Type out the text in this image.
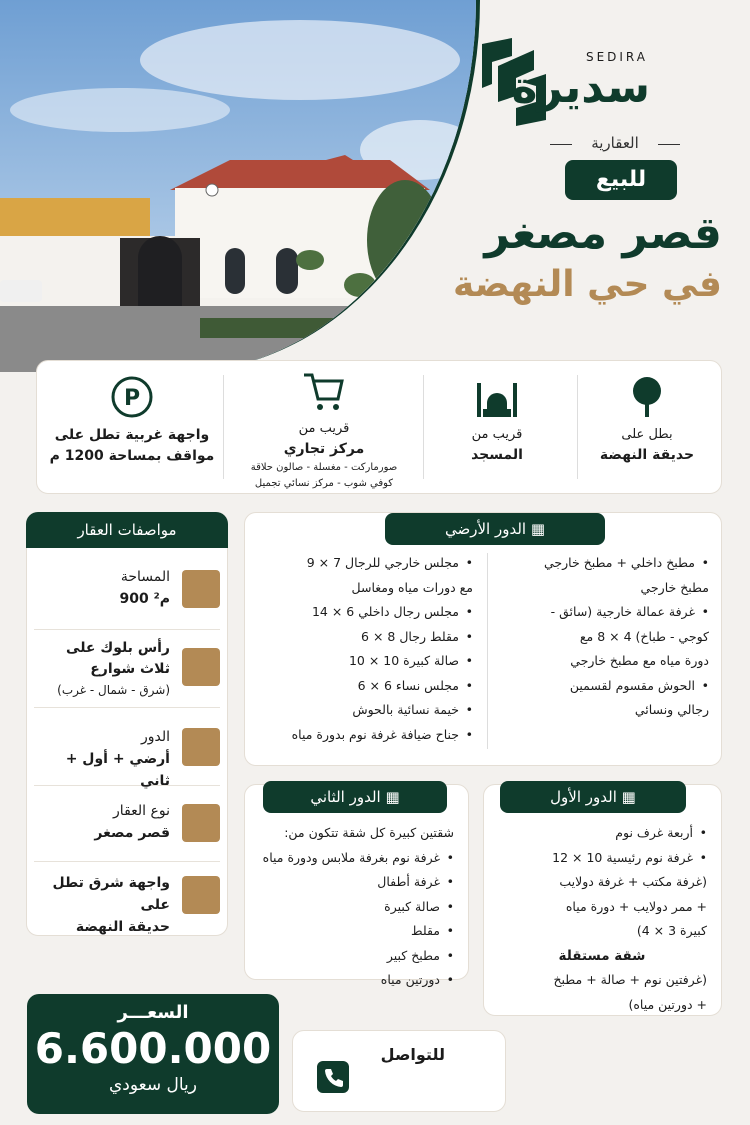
SEDIRA
سديرة
العقارية
للبيع
قصر مصغر
في حي النهضة
بطل على
حديقة النهضة
قريب من
المسجد
قريب من
مركز تجاري
صورماركت - مغسلة - صالون حلاقة
كوفي شوب - مركز نسائي تجميل
P
واجهة غربية تطل على
مواقف بمساحة 1200 م
مواصفات العقار
المساحة
900 م²
رأس بلوك على
ثلاث شوارع
(شرق - شمال - غرب)
الدور
أرضي + أول + ثاني
نوع العقار
قصر مصغر
واجهة شرق تطل على
حديقة النهضة
الدور الأرضي ▦
• مطبخ داخلي + مطبخ خارجي
مطبخ خارجي
• غرفة عمالة خارجية (سائق -
كوجي - طباخ) 4 × 8 مع
دورة مياه مع مطبخ خارجي
• الحوش مقسوم لقسمين
رجالي ونسائي
• مجلس خارجي للرجال 7 × 9
مع دورات مياه ومغاسل
• مجلس رجال داخلي 6 × 14
• مقلط رجال 8 × 6
• صالة كبيرة 10 × 10
• مجلس نساء 6 × 6
• خيمة نسائية بالحوش
• جناح ضيافة غرفة نوم بدورة مياه
الدور الثاني ▦
شقتين كبيرة كل شقة تتكون من:
• غرفة نوم بغرفة ملابس ودورة مياه
• غرفة أطفال
• صالة كبيرة
• مقلط
• مطبخ كبير
• دورتين مياه
الدور الأول ▦
• أربعة غرف نوم
• غرفة نوم رئيسية 10 × 12
(غرفة مكتب + غرفة دولايب
+ ممر دولايب + دورة مياه
كبيرة 3 × 4)
شقة مستقلة
(غرفتين نوم + صالة + مطبخ
+ دورتين مياه)
السعـــر
6.600.000
ريال سعودي
للتواصل
